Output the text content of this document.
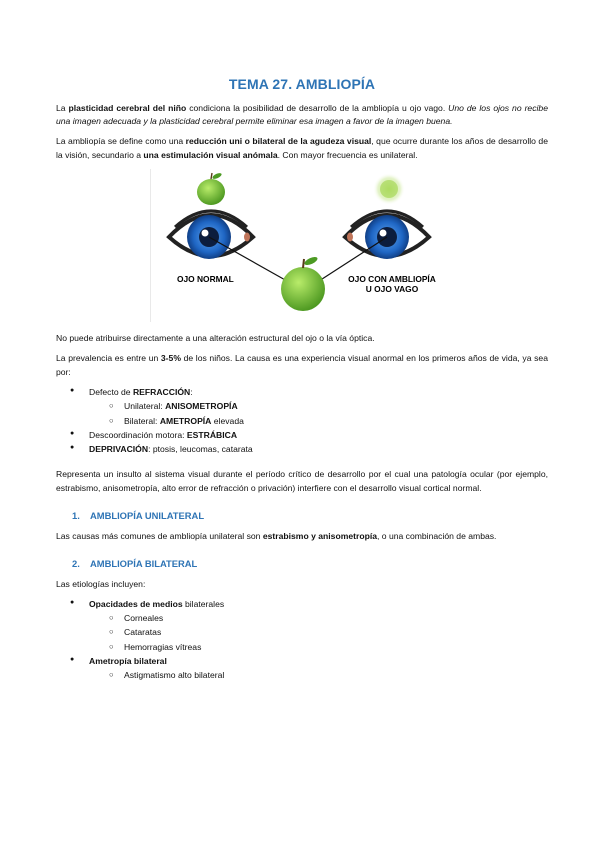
TEMA 27. AMBLIOPÍA

La plasticidad cerebral del niño condiciona la posibilidad de desarrollo de la ambliopía u ojo vago. Uno de los ojos no recibe una imagen adecuada y la plasticidad cerebral permite eliminar esa imagen a favor de la imagen buena.

La ambliopía se define como una reducción uni o bilateral de la agudeza visual, que ocurre durante los años de desarrollo de la visión, secundario a una estimulación visual anómala. Con mayor frecuencia es unilateral.

OJO NORMAL	OJO CON AMBLIOPÍA
U OJO VAGO

No puede atribuirse directamente a una alteración estructural del ojo o la vía óptica.

La prevalencia es entre un 3-5% de los niños. La causa es una experiencia visual anormal en los primeros años de vida, ya sea por:

● Defecto de REFRACCIÓN:
○ Unilateral: ANISOMETROPÍA
○ Bilateral: AMETROPÍA elevada
● Descoordinación motora: ESTRÁBICA
● DEPRIVACIÓN: ptosis, leucomas, catarata

Representa un insulto al sistema visual durante el período crítico de desarrollo por el cual una patología ocular (por ejemplo, estrabismo, anisometropía, alto error de refracción o privación) interfiere con el desarrollo visual cortical normal.

1. AMBLIOPÍA UNILATERAL

Las causas más comunes de ambliopía unilateral son estrabismo y anisometropía, o una combinación de ambas.

2. AMBLIOPÍA BILATERAL

Las etiologías incluyen:

● Opacidades de medios bilaterales
○ Corneales
○ Cataratas
○ Hemorragias vítreas
● Ametropía bilateral
○ Astigmatismo alto bilateral
